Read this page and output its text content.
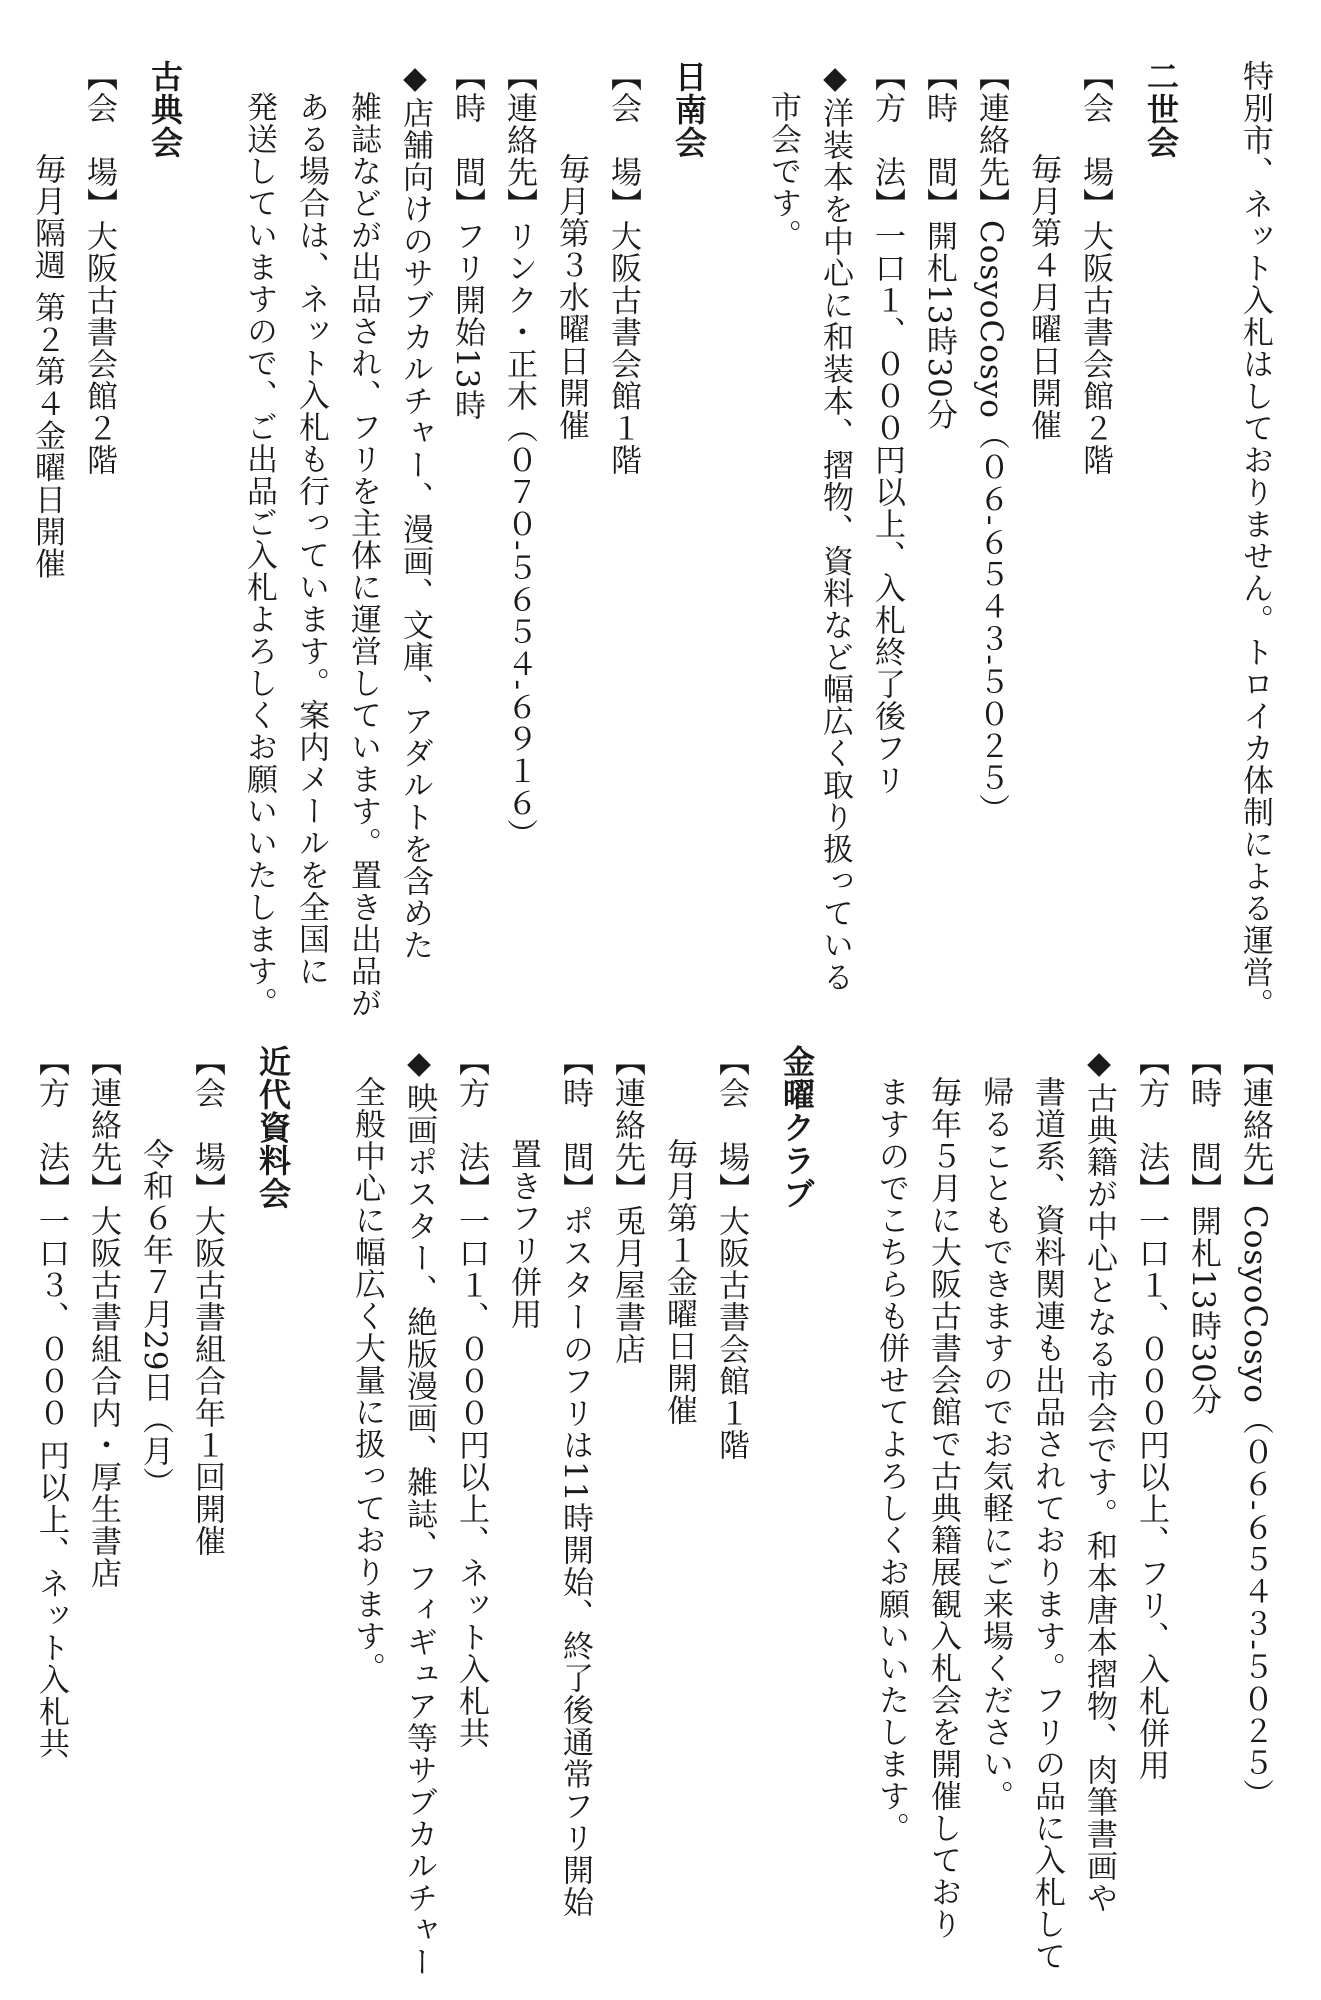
特別市、ネット入札はしておりません。トロイカ体制による運営。
二世会
【会　場】大阪古書会館２階
毎月第４月曜日開催
【連絡先】CosyoCosyo（０６-６５４３-５０２５）
【時　間】開札13時30分
【方　法】一口１、０００円以上、入札終了後フリ
◆洋装本を中心に和装本、摺物、資料など幅広く取り扱っている
市会です。
日南会
【会　場】大阪古書会館１階
毎月第３水曜日開催
【連絡先】リンク・正木（０７０-５６５４-６９１６）
【時　間】フリ開始13時
◆店舗向けのサブカルチャー、漫画、文庫、アダルトを含めた
雑誌などが出品され、フリを主体に運営しています。置き出品が
ある場合は、ネット入札も行っています。案内メールを全国に
発送していますので、ご出品ご入札よろしくお願いいたします。
古典会
【会　場】大阪古書会館２階
毎月隔週 第２第４金曜日開催
【連絡先】CosyoCosyo（０６-６５４３-５０２５）
【時　間】開札13時30分
【方　法】一口１、０００円以上、フリ、入札併用
◆古典籍が中心となる市会です。和本唐本摺物、肉筆書画や
書道系、資料関連も出品されております。フリの品に入札して
帰ることもできますのでお気軽にご来場ください。
毎年５月に大阪古書会館で古典籍展観入札会を開催しており
ますのでこちらも併せてよろしくお願いいたします。
金曜クラブ
【会　場】大阪古書会館１階
毎月第１金曜日開催
【連絡先】兎月屋書店
【時　間】ポスターのフリは11時開始、終了後通常フリ開始
置きフリ併用
【方　法】一口１、０００円以上、ネット入札共
◆映画ポスター、絶版漫画、雑誌、フィギュア等サブカルチャー
全般中心に幅広く大量に扱っております。
近代資料会
【会　場】大阪古書組合年１回開催
令和６年７月29日（月）
【連絡先】大阪古書組合内・厚生書店
【方　法】一口３、０００ 円以上、ネット入札共
